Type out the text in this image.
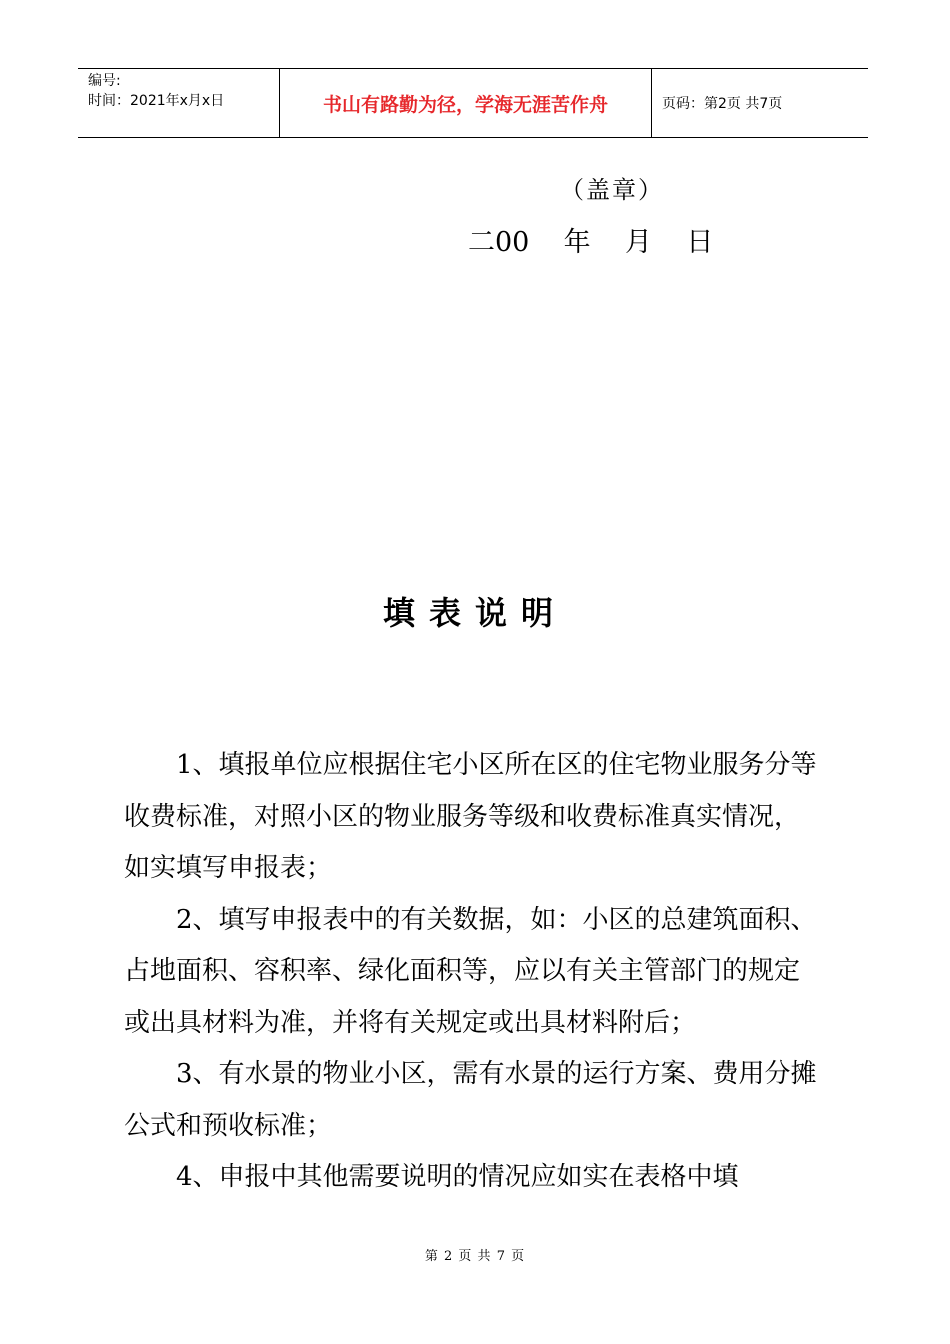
编号:
时间：2021年x月x日	书山有路勤为径，学海无涯苦作舟	页码：第2页 共7页
（盖章）
二00    年    月    日
填表说明

1、填报单位应根据住宅小区所在区的住宅物业服务分等收费标准，对照小区的物业服务等级和收费标准真实情况，如实填写申报表；

2、填写申报表中的有关数据，如：小区的总建筑面积、占地面积、容积率、绿化面积等，应以有关主管部门的规定或出具材料为准，并将有关规定或出具材料附后；

3、有水景的物业小区，需有水景的运行方案、费用分摊公式和预收标准；

4、申报中其他需要说明的情况应如实在表格中填

第 2 页 共 7 页
